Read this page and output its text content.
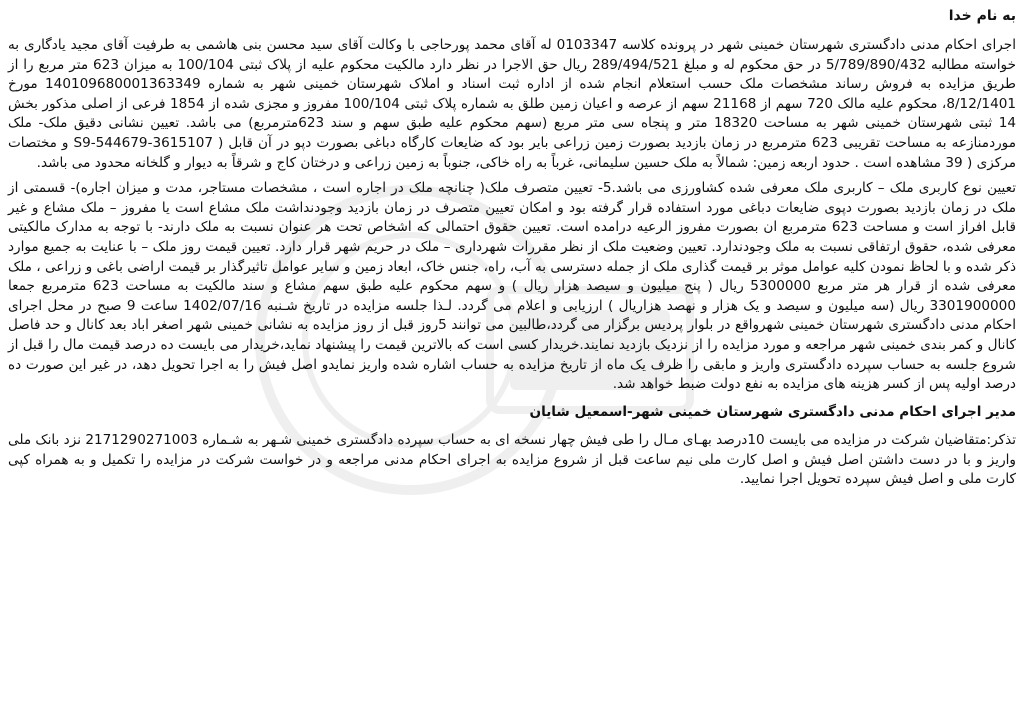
به نام خدا

اجرای احکام مدنی دادگستری شهرستان خمینی شهر در پرونده کلاسه 0103347 له آقای محمد پورحاجی با وکالت آقای سید محسن بنی هاشمی به طرفیت آقای مجید یادگاری به خواسته مطالبه 5/789/890/432 در حق محکوم له و مبلغ 289/494/521 ریال حق الاجرا در نظر دارد مالکیت محکوم علیه از پلاک ثبتی 100/104 به میزان 623 متر مربع را از طریق مزایده به فروش رساند مشخصات ملک حسب استعلام انجام شده از اداره ثبت اسناد و املاک شهرستان خمینی شهر به شماره 140109680001363349 مورخ 8/12/1401، محکوم علیه مالک 720 سهم از 21168 سهم از عرصه و اعیان زمین طلق به شماره پلاک ثبتی 100/104 مفروز و مجزی شده از 1854 فرعی از اصلی مذکور بخش 14 ثبتی شهرستان خمینی شهر به مساحت 18320 متر و پنجاه سی متر مربع (سهم محکوم علیه طبق سهم و سند 623مترمربع) می باشد. تعیین نشانی دقیق ملک- ملک موردمنازعه به مساحت تقریبی 623 مترمربع در زمان بازدید بصورت زمین زراعی بایر بود که ضایعات کارگاه دباغی بصورت دپو در آن قابل ( 3615107-544679-S9 و مختصات مرکزی ( 39 مشاهده است . حدود اربعه زمین: شمالاً به ملک حسین سلیمانی، غرباً به راه خاکی، جنوباً به زمین زراعی و درختان کاج و شرقاً به دیوار و گلخانه محدود می باشد.

تعیین نوع کاربری ملک – کاربری ملک معرفی شده کشاورزی می باشد.5- تعیین متصرف ملک( چنانچه ملک در اجاره است ، مشخصات مستاجر، مدت و میزان اجاره)- قسمتی از ملک در زمان بازدید بصورت دپوی ضایعات دباغی مورد استفاده قرار گرفته بود و امکان تعیین متصرف در زمان بازدید وجودنداشت ملک مشاع است یا مفروز – ملک مشاع و غیر قابل افراز است و مساحت 623 مترمربع ان بصورت مفروز الرعیه درامده است. تعیین حقوق احتمالی که اشخاص تحت هر عنوان نسبت به ملک دارند- با توجه به مدارک مالکیتی معرفی شده، حقوق ارتفاقی نسبت به ملک وجودندارد. تعیین وضعیت ملک از نظر مقررات شهرداری – ملک در حریم شهر قرار دارد. تعیین قیمت روز ملک – با عنایت به جمیع موارد ذکر شده و با لحاظ نمودن کلیه عوامل موثر بر قیمت گذاری ملک از جمله دسترسی به آب، راه، جنس خاک، ابعاد زمین و سایر عوامل تاثیرگذار بر قیمت اراضی باغی و زراعی ، ملک معرفی شده از قرار هر متر مربع 5300000 ریال ( پنج میلیون و سیصد هزار ریال ) و سهم محکوم علیه طبق سهم مشاع و سند مالکیت به مساحت 623 مترمربع جمعا 3301900000 ریال (سه میلیون و سیصد و یک هزار و نهصد هزاریال ) ارزیابی و اعلام می گردد. لـذا جلسه مزایده در تاریخ شـنبه 1402/07/16 ساعت 9 صبح در محل اجرای احکام مدنی دادگستری شهرستان خمینی شهرواقع در بلوار پردیس برگزار می گردد،طالبین می توانند 5روز قبل از روز مزایده به نشانی خمینی شهر اصغر اباد بعد کانال و حد فاصل کانال و کمر بندی خمینی شهر مراجعه و مورد مزایده را از نزدیک بازدید نمایند.خریدار کسی است که بالاترین قیمت را پیشنهاد نماید،خریدار می بایست ده درصد قیمت مال را قبل از شروع جلسه به حساب سپرده دادگستری واریز و مابقی را ظرف یک ماه از تاریخ مزایده به حساب اشاره شده واریز نمایدو اصل فیش را به اجرا تحویل دهد، در غیر این صورت ده درصد اولیه پس از کسر هزینه های مزایده به نفع دولت ضبط خواهد شد.

مدیر اجرای احکام مدنی دادگستری شهرستان خمینی شهر-اسمعیل شایان

تذکر:متقاضیان شرکت در مزایده می بایست 10درصد بهـای مـال را طی فیش چهار نسخه ای به حساب سپرده دادگستری خمینی شـهر به شـماره 2171290271003 نزد بانک ملی واریز و با در دست داشتن اصل فیش و اصل کارت ملی نیم ساعت قبل از شروع مزایده به اجرای احکام مدنی مراجعه و در خواست شرکت در مزایده را تکمیل و به همراه کپی کارت ملی و اصل فیش سپرده تحویل اجرا نمایید.
